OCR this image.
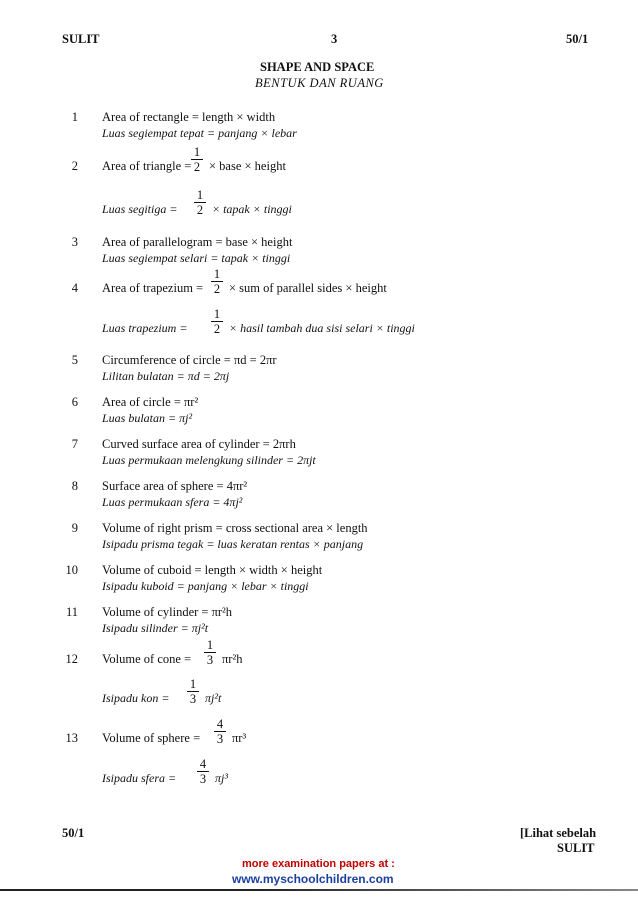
SULIT	3	50/1
SHAPE AND SPACE
BENTUK DAN RUANG
1 Area of rectangle = length × width
Luas segiempat tepat = panjang × lebar
2 Area of triangle =
1
2 × base × height
Luas segitiga =
1
2 × tapak × tinggi
3 Area of parallelogram = base × height
Luas segiempat selari = tapak × tinggi
4 Area of trapezium =
1
2 × sum of parallel sides × height
Luas trapezium =
1
2 × hasil tambah dua sisi selari × tinggi
5 Circumference of circle = πd = 2πr
Lilitan bulatan = πd = 2πj
6 Area of circle = πr²
Luas bulatan = πj²
7 Curved surface area of cylinder = 2πrh
Luas permukaan melengkung silinder = 2πjt
8 Surface area of sphere = 4πr²
Luas permukaan sfera = 4πj²
9 Volume of right prism = cross sectional area × length
Isipadu prisma tegak = luas keratan rentas × panjang
10 Volume of cuboid = length × width × height
Isipadu kuboid = panjang × lebar × tinggi
11 Volume of cylinder = πr²h
Isipadu silinder = πj²t
12 Volume of cone =
1
3 πr²h
Isipadu kon =
1
3 πj²t
13 Volume of sphere =
4
3 πr³
Isipadu sfera =
4
3 πj³
50/1	[Lihat sebelah
SULIT
more examination papers at :
www.myschoolchildren.com
